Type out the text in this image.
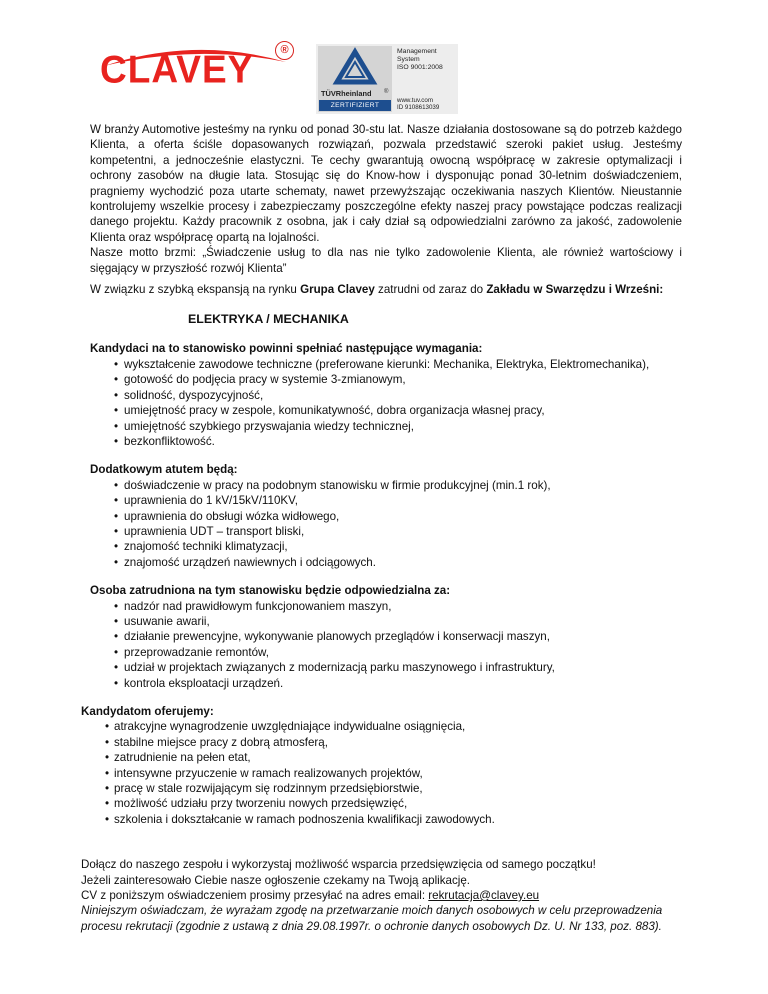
CLAVEY	®
TÜVRheinland ®
ZERTIFIZIERT
Management
System
ISO 9001:2008
www.tuv.com
ID 9108613039

W branży Automotive jesteśmy na rynku od ponad 30-stu lat. Nasze działania dostosowane są do potrzeb każdego Klienta, a oferta ściśle dopasowanych rozwiązań, pozwala przedstawić szeroki pakiet usług. Jesteśmy kompetentni, a jednocześnie elastyczni. Te cechy gwarantują owocną współpracę w zakresie optymalizacji i ochrony zasobów na długie lata. Stosując się do Know-how i dysponując ponad 30-letnim doświadczeniem, pragniemy wychodzić poza utarte schematy, nawet przewyższając oczekiwania naszych Klientów. Nieustannie kontrolujemy wszelkie procesy i zabezpieczamy poszczególne efekty naszej pracy powstające podczas realizacji danego projektu. Każdy pracownik z osobna, jak i cały dział są odpowiedzialni zarówno za jakość, zadowolenie Klienta oraz współpracę opartą na lojalności.

Nasze motto brzmi: „Świadczenie usług to dla nas nie tylko zadowolenie Klienta, ale również wartościowy i sięgający w przyszłość rozwój Klienta”

W związku z szybką ekspansją na rynku Grupa Clavey zatrudni od zaraz do Zakładu w Swarzędzu i Wrześni:

ELEKTRYKA / MECHANIKA
Kandydaci na to stanowisko powinni spełniać następujące wymagania:
• wykształcenie zawodowe techniczne (preferowane kierunki: Mechanika, Elektryka, Elektromechanika),
• gotowość do podjęcia pracy w systemie 3-zmianowym,
• solidność, dyspozycyjność,
• umiejętność pracy w zespole, komunikatywność, dobra organizacja własnej pracy,
• umiejętność szybkiego przyswajania wiedzy technicznej,
• bezkonfliktowość.
Dodatkowym atutem będą:
• doświadczenie w pracy na podobnym stanowisku w firmie produkcyjnej (min.1 rok),
• uprawnienia do 1 kV/15kV/110KV,
• uprawnienia do obsługi wózka widłowego,
• uprawnienia UDT – transport bliski,
• znajomość techniki klimatyzacji,
• znajomość urządzeń nawiewnych i odciągowych.
Osoba zatrudniona na tym stanowisku będzie odpowiedzialna za:
• nadzór nad prawidłowym funkcjonowaniem maszyn,
• usuwanie awarii,
• działanie prewencyjne, wykonywanie planowych przeglądów i konserwacji maszyn,
• przeprowadzanie remontów,
• udział w projektach związanych z modernizacją parku maszynowego i infrastruktury,
• kontrola eksploatacji urządzeń.
Kandydatom oferujemy:
• atrakcyjne wynagrodzenie uwzględniające indywidualne osiągnięcia,
• stabilne miejsce pracy z dobrą atmosferą,
• zatrudnienie na pełen etat,
• intensywne przyuczenie w ramach realizowanych projektów,
• pracę w stale rozwijającym się rodzinnym przedsiębiorstwie,
• możliwość udziału przy tworzeniu nowych przedsięwzięć,
• szkolenia i dokształcanie w ramach podnoszenia kwalifikacji zawodowych.

Dołącz do naszego zespołu i wykorzystaj możliwość wsparcia przedsięwzięcia od samego początku!

Jeżeli zainteresowało Ciebie nasze ogłoszenie czekamy na Twoją aplikację.

CV z poniższym oświadczeniem prosimy przesyłać na adres email: rekrutacja@clavey.eu

Niniejszym oświadczam, że wyrażam zgodę na przetwarzanie moich danych osobowych w celu przeprowadzenia procesu rekrutacji (zgodnie z ustawą z dnia 29.08.1997r. o ochronie danych osobowych Dz. U. Nr 133, poz. 883).
